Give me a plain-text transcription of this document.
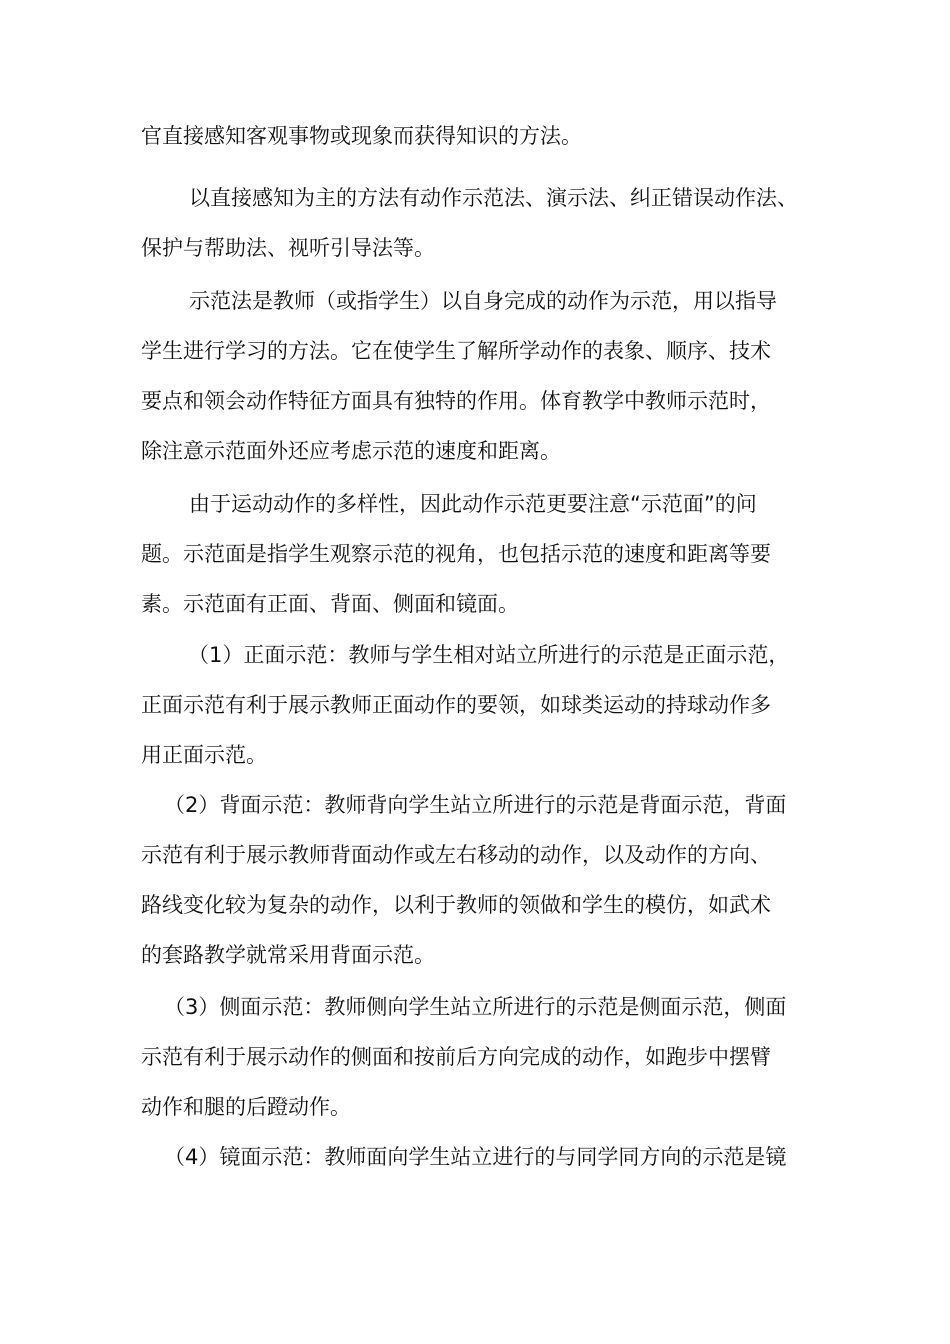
官直接感知客观事物或现象而获得知识的方法。
以直接感知为主的方法有动作示范法、演示法、纠正错误动作法、
保护与帮助法、视听引导法等。
示范法是教师（或指学生）以自身完成的动作为示范，用以指导
学生进行学习的方法。它在使学生了解所学动作的表象、顺序、技术
要点和领会动作特征方面具有独特的作用。体育教学中教师示范时，
除注意示范面外还应考虑示范的速度和距离。
由于运动动作的多样性，因此动作示范更要注意“示范面”的问
题。示范面是指学生观察示范的视角，也包括示范的速度和距离等要
素。示范面有正面、背面、侧面和镜面。
（1）正面示范：教师与学生相对站立所进行的示范是正面示范，
正面示范有利于展示教师正面动作的要领，如球类运动的持球动作多
用正面示范。
（2）背面示范：教师背向学生站立所进行的示范是背面示范，背面
示范有利于展示教师背面动作或左右移动的动作，以及动作的方向、
路线变化较为复杂的动作，以利于教师的领做和学生的模仿，如武术
的套路教学就常采用背面示范。
（3）侧面示范：教师侧向学生站立所进行的示范是侧面示范，侧面
示范有利于展示动作的侧面和按前后方向完成的动作，如跑步中摆臂
动作和腿的后蹬动作。
（4）镜面示范：教师面向学生站立进行的与同学同方向的示范是镜
